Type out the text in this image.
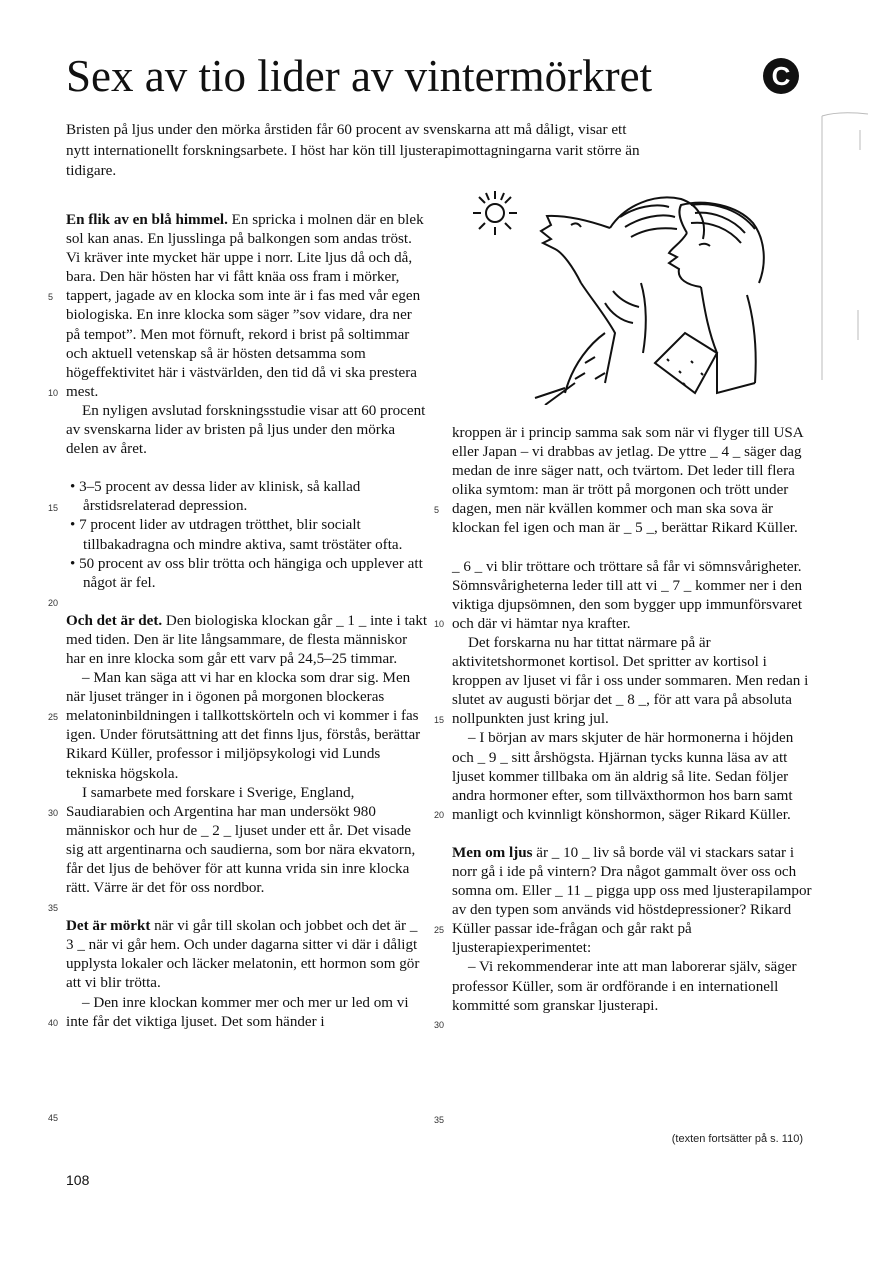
Sex av tio lider av vintermörkret	C

Bristen på ljus under den mörka årstiden får 60 procent av svenskarna att må dåligt, visar ett nytt internationellt forskningsarbete. I höst har kön till ljusterapimottagningarna varit större än tidigare.

5
10
15
20
25
30
35
40
45

En flik av en blå himmel. En spricka i molnen där en blek sol kan anas. En ljusslinga på balkongen som andas tröst. Vi kräver inte mycket här uppe i norr. Lite ljus då och då, bara. Den här hösten har vi fått knäa oss fram i mörker, tappert, jagade av en klocka som inte är i fas med vår egen biologiska. En inre klocka som säger ”sov vidare, dra ner på tempot”. Men mot förnuft, rekord i brist på soltimmar och aktuell vetenskap så är hösten detsamma som högeffektivitet här i västvärlden, den tid då vi ska prestera mest.

En nyligen avslutad forskningsstudie visar att 60 procent av svenskarna lider av bristen på ljus under den mörka delen av året.

• 3–5 procent av dessa lider av klinisk, så kallad årstidsrelaterad depression.

• 7 procent lider av utdragen trötthet, blir socialt tillbakadragna och mindre aktiva, samt tröstäter ofta.

• 50 procent av oss blir trötta och hängiga och upplever att något är fel.

Och det är det. Den biologiska klockan går _ 1 _ inte i takt med tiden. Den är lite långsammare, de flesta människor har en inre klocka som går ett varv på 24,5–25 timmar.

– Man kan säga att vi har en klocka som drar sig. Men när ljuset tränger in i ögonen på morgonen blockeras melatoninbildningen i tallkottskörteln och vi kommer i fas igen. Under förutsättning att det finns ljus, förstås, berättar Rikard Küller, professor i miljöpsykologi vid Lunds tekniska högskola.

I samarbete med forskare i Sverige, England, Saudiarabien och Argentina har man undersökt 980 människor och hur de _ 2 _ ljuset under ett år. Det visade sig att argentinarna och saudierna, som bor nära ekvatorn, får det ljus de behöver för att kunna vrida sin inre klocka rätt. Värre är det för oss nordbor.

Det är mörkt när vi går till skolan och jobbet och det är _ 3 _ när vi går hem. Och under dagarna sitter vi där i dåligt upplysta lokaler och läcker melatonin, ett hormon som gör att vi blir trötta.

– Den inre klockan kommer mer och mer ur led om vi inte får det viktiga ljuset. Det som händer i

5
10
15
20
25
30
35

kroppen är i princip samma sak som när vi flyger till USA eller Japan – vi drabbas av jetlag. De yttre _ 4 _ säger dag medan de inre säger natt, och tvärtom. Det leder till flera olika symtom: man är trött på morgonen och trött under dagen, men när kvällen kommer och man ska sova är klockan fel igen och man är _ 5 _, berättar Rikard Küller.

_ 6 _ vi blir tröttare och tröttare så får vi sömnsvårigheter. Sömnsvårigheterna leder till att vi _ 7 _ kommer ner i den viktiga djupsömnen, den som bygger upp immunförsvaret och där vi hämtar nya krafter.

Det forskarna nu har tittat närmare på är aktivitetshormonet kortisol. Det spritter av kortisol i kroppen av ljuset vi får i oss under sommaren. Men redan i slutet av augusti börjar det _ 8 _, för att vara på absoluta nollpunkten just kring jul.

– I början av mars skjuter de här hormonerna i höjden och _ 9 _ sitt årshögsta. Hjärnan tycks kunna läsa av att ljuset kommer tillbaka om än aldrig så lite. Sedan följer andra hormoner efter, som tillväxthormon hos barn samt manligt och kvinnligt könshormon, säger Rikard Küller.

Men om ljus är _ 10 _ liv så borde väl vi stackars satar i norr gå i ide på vintern? Dra något gammalt över oss och somna om. Eller _ 11 _ pigga upp oss med ljusterapilampor av den typen som används vid höstdepressioner? Rikard Küller passar ide-frågan och går rakt på ljusterapiexperimentet:

– Vi rekommenderar inte att man laborerar själv, säger professor Küller, som är ordförande i en internationell kommitté som granskar ljusterapi.

(texten fortsätter på s. 110)
108
